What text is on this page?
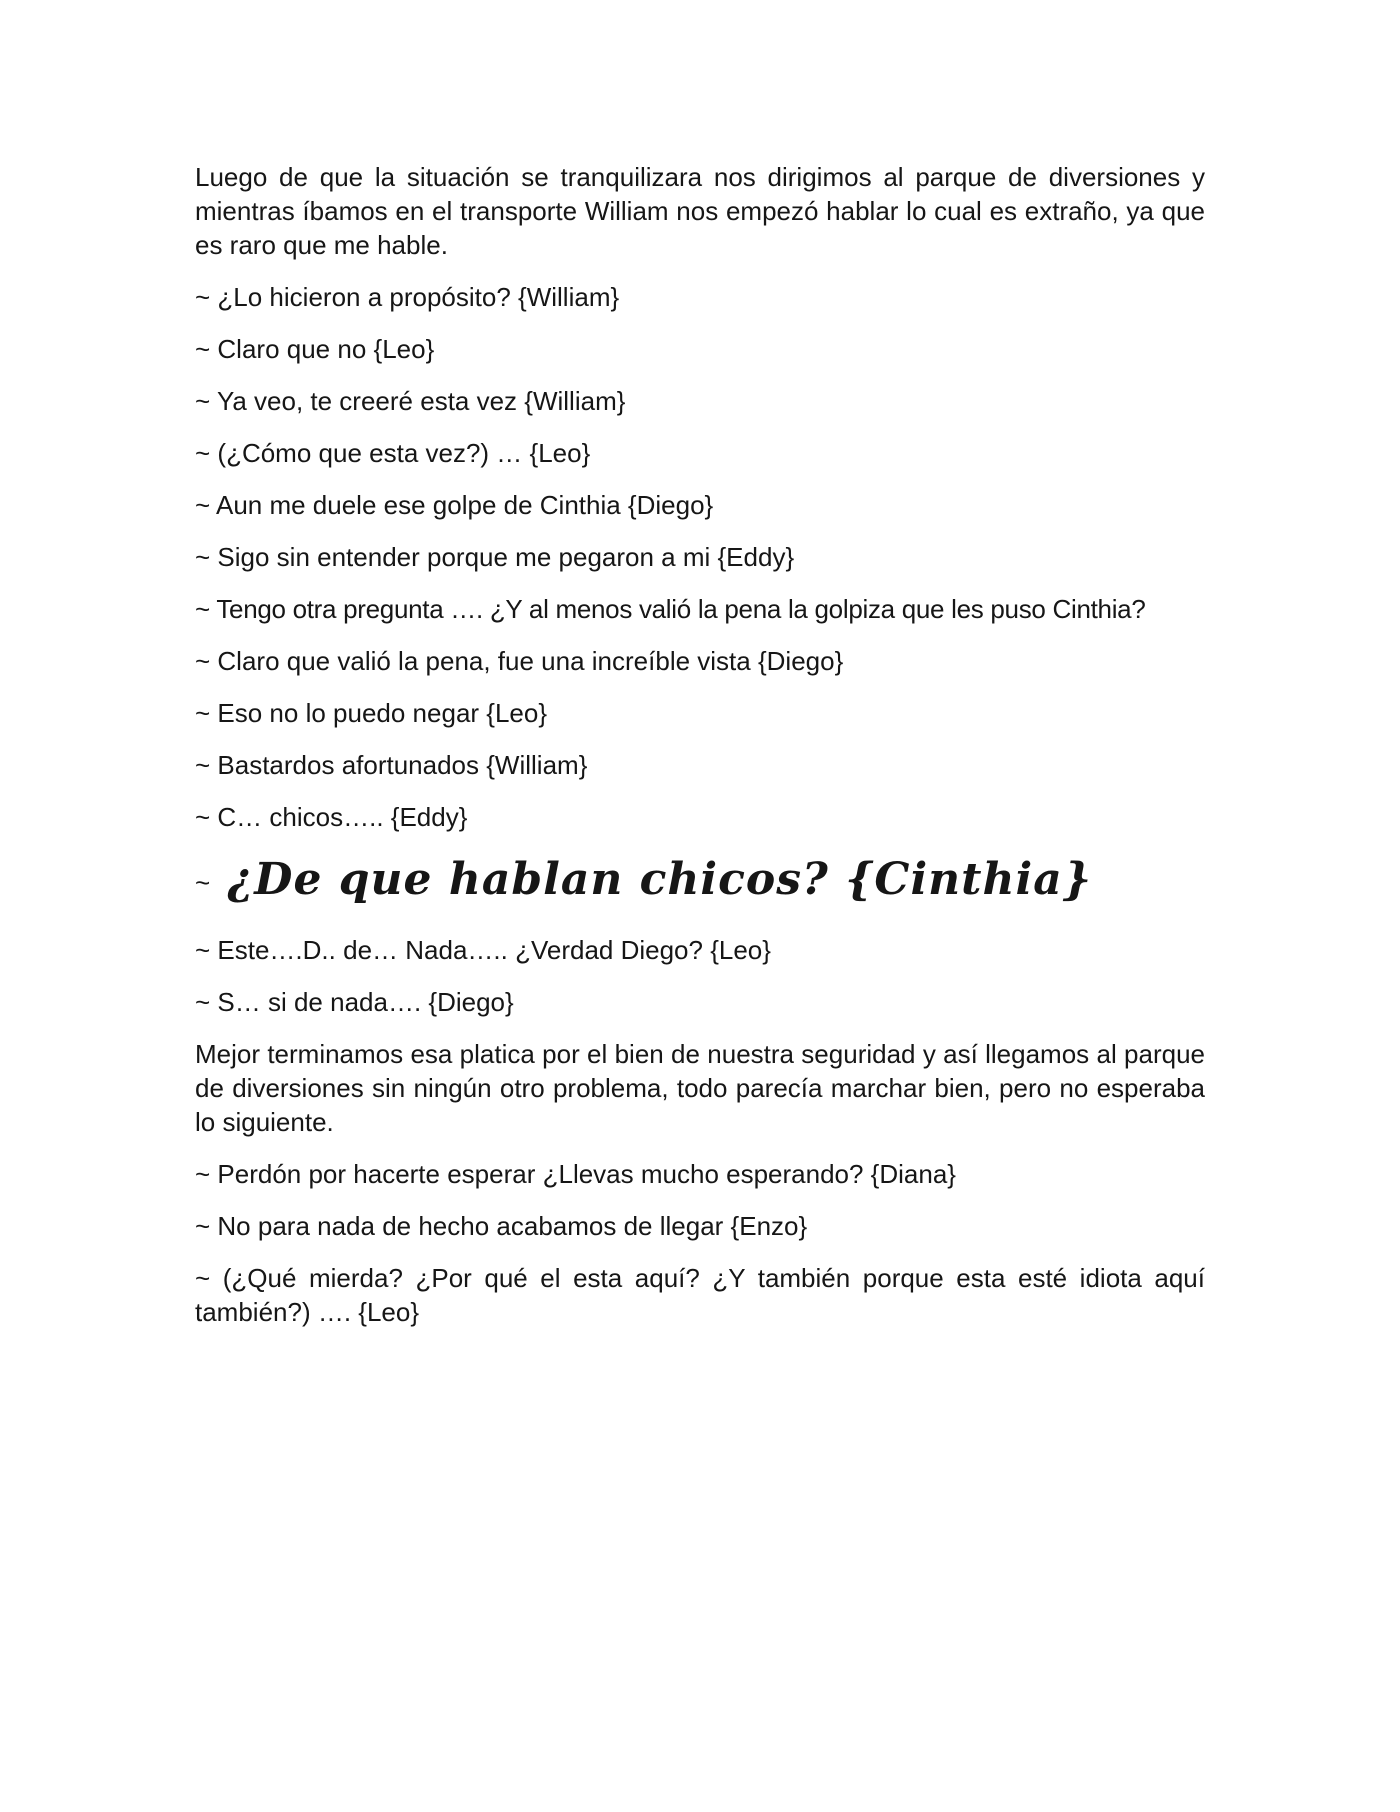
Luego de que la situación se tranquilizara nos dirigimos al parque de diversiones y mientras íbamos en el transporte William nos empezó hablar lo cual es extraño, ya que es raro que me hable.

~ ¿Lo hicieron a propósito? {William}
~ Claro que no {Leo}
~ Ya veo, te creeré esta vez {William}
~ (¿Cómo que esta vez?) … {Leo}
~ Aun me duele ese golpe de Cinthia {Diego}
~ Sigo sin entender porque me pegaron a mi {Eddy}
~ Tengo otra pregunta …. ¿Y al menos valió la pena la golpiza que les puso Cinthia?
~ Claro que valió la pena, fue una increíble vista {Diego}
~ Eso no lo puedo negar {Leo}
~ Bastardos afortunados {William}
~ C… chicos….. {Eddy}
~ ¿De que hablan chicos? {Cinthia}
~ Este….D.. de… Nada….. ¿Verdad Diego? {Leo}
~ S… si de nada…. {Diego}

Mejor terminamos esa platica por el bien de nuestra seguridad y así llegamos al parque de diversiones sin ningún otro problema, todo parecía marchar bien, pero no esperaba lo siguiente.

~ Perdón por hacerte esperar ¿Llevas mucho esperando? {Diana}
~ No para nada de hecho acabamos de llegar {Enzo}
~ (¿Qué mierda? ¿Por qué el esta aquí? ¿Y también porque esta esté idiota aquí también?) …. {Leo}
